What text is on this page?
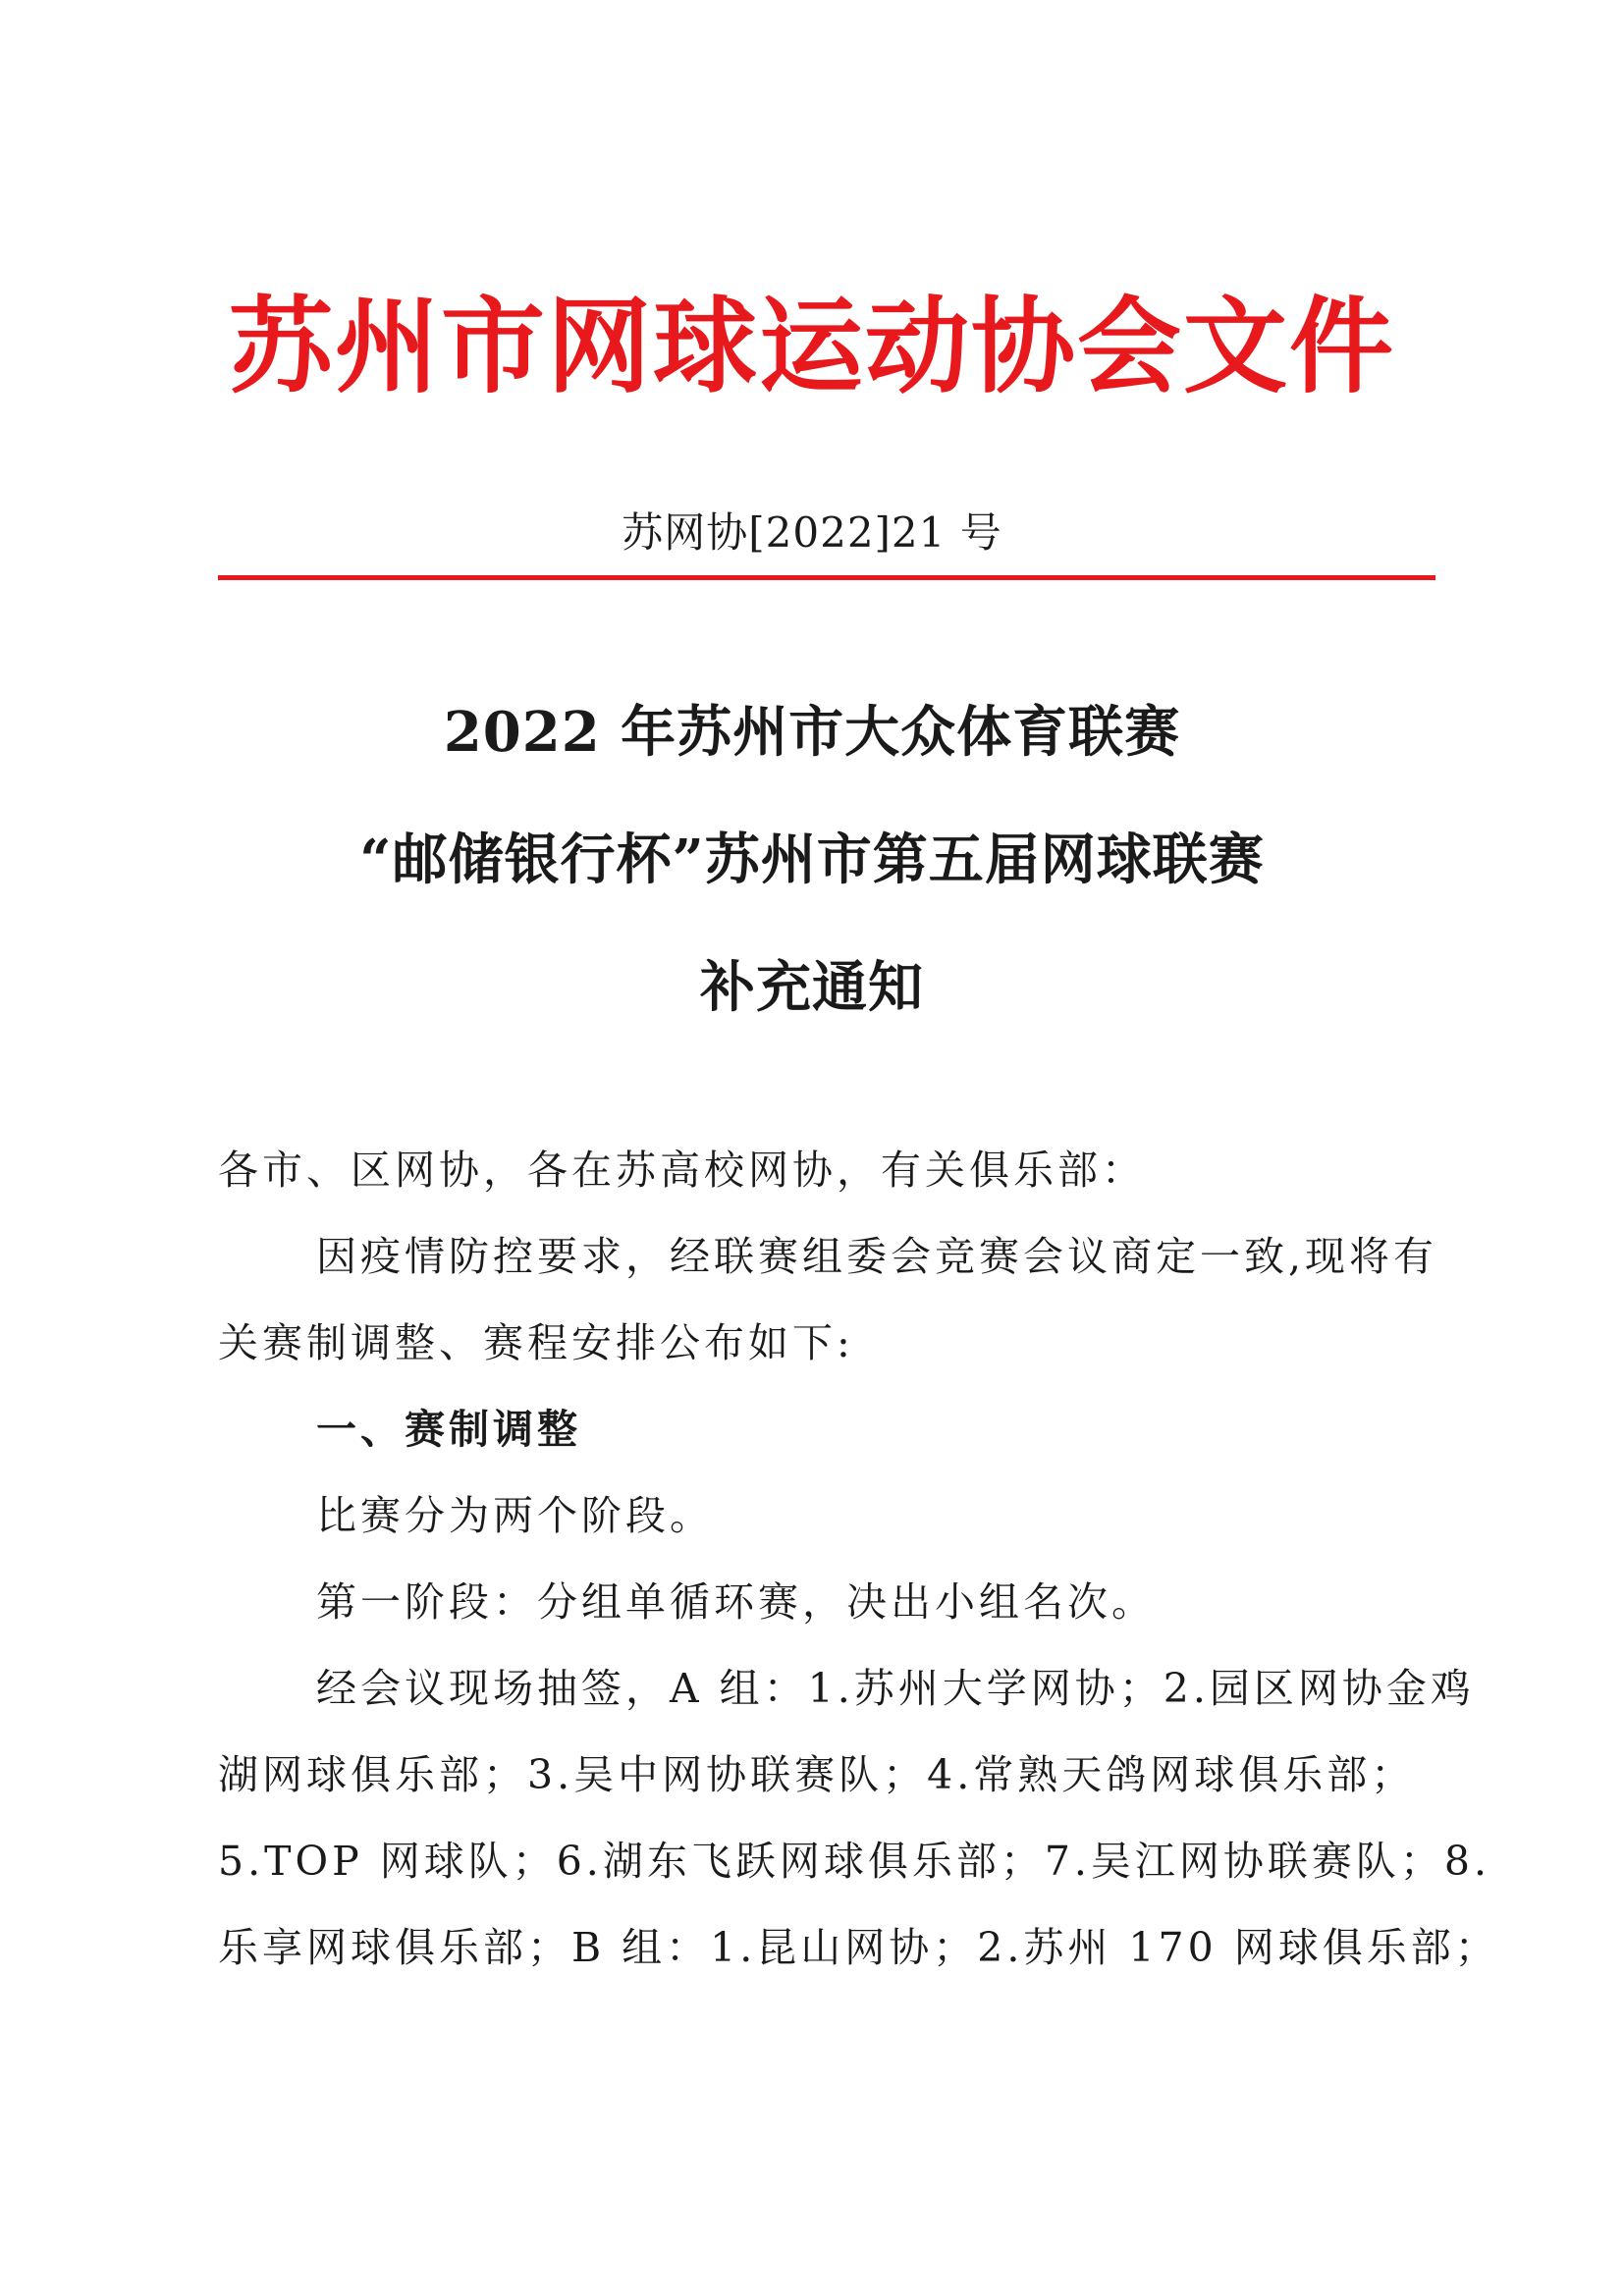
苏州市网球运动协会文件
苏网协[2022]21 号
2022 年苏州市大众体育联赛
“邮储银行杯”苏州市第五届网球联赛
补充通知
各市、区网协，各在苏高校网协，有关俱乐部：
因疫情防控要求，经联赛组委会竞赛会议商定一致,现将有
关赛制调整、赛程安排公布如下:
一、赛制调整
比赛分为两个阶段。
第一阶段：分组单循环赛，决出小组名次。
经会议现场抽签，A 组：1.苏州大学网协；2.园区网协金鸡
湖网球俱乐部；3.吴中网协联赛队；4.常熟天鸽网球俱乐部；
5.TOP 网球队；6.湖东飞跃网球俱乐部；7.吴江网协联赛队；8.
乐享网球俱乐部；B 组：1.昆山网协；2.苏州 170 网球俱乐部；
